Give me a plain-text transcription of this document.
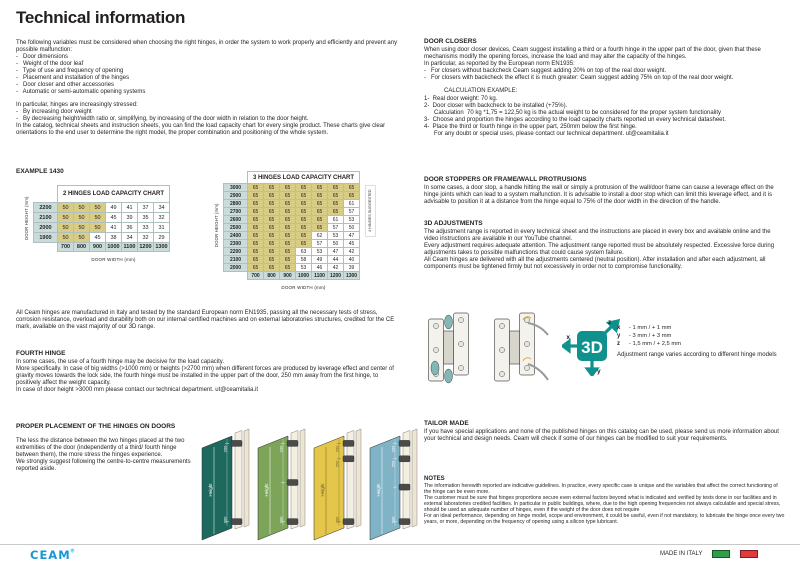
Technical information
The following variables must be considered when choosing the right hinges, in order the system to work properly and efficiently and prevent any possible malfunction:
-   Door dimensions
-   Weight of the door leaf
-   Type of use and frequency of opening
-   Placement and installation of the hinges
-   Door closer and other accessories
-   Automatic or semi-automatic opening systems
In particular, hinges are increasingly stressed:
-   By increasing door weight
-   By decreasing height/width ratio or, simplifying, by increasing of the door width in relation to the door height.
In the catalog, technical sheets and instruction sheets, you can find the load capacity chart for every single product. These charts give clear orientations to the end user to determine the right model, the proper combination and positioning of the whole system.
EXAMPLE 1430
DOOR HEIGHT (mm)
	2 HINGES LOAD CAPACITY CHART						
2200	50	50	50	49	41	37	34
2100	50	50	50	45	39	35	32
2000	50	50	50	41	36	33	31
1900	50	50	45	38	34	32	29
	700	800	900	1000	1100	1200	1300
DOOR WIDTH (mm)
DOOR HEIGHT (mm)
	3 HINGES LOAD CAPACITY CHART						
3000	65	65	65	65	65	65	65
2900	65	65	65	65	65	65	65
2800	65	65	65	65	65	65	61
2700	65	65	65	65	65	65	57
2600	65	65	65	65	65	61	53
2500	65	65	65	65	65	57	50
2400	65	65	65	65	62	53	47
2300	65	65	65	65	57	50	45
2200	65	65	65	63	53	47	42
2100	65	65	65	58	49	44	40
2000	65	65	65	53	46	42	39
	700	800	900	1000	1100	1200	1300
4 HINGES SUGGESTED
DOOR WIDTH (mm)
All Ceam hinges are manufactured in Italy and tested by the standard European norm EN1935, passing all the necessary tests of stress, corrosion resistance, overload and durability both on our internal certified machines and on external laboratories structures, credited for the CE mark, available on the vast majority of our 3D range.
FOURTH HINGE
In some cases, the use of a fourth hinge may be decisive for the load capacity.
More specifically. In case of big widths (>1000 mm) or heights (>2700 mm) when different forces are produced by leverage effect and center of gravity moves towards the lock side, the fourth hinge must be installed in the upper part of the door, 250 mm away from the first hinge, to positively affect the weight capacity.
In case of door height >3000 mm please contact our technical department. ut@ceamitalia.it
PROPER PLACEMENT OF THE HINGES ON DOORS
The less the distance between the two hinges placed at the two extremities of the door (independently of a third/ fourth hinge between them), the more stress the hinges experience.
We strongly suggest following the centre-to-centre measurements reported aside.
Height
200
200
Height
200
200
Height
200
250
200
Height
200
250
200
DOOR CLOSERS
When using door closer devices, Ceam suggest installing a third or a fourth hinge in the upper part of the door, given that these mechanisms modify the opening forces, increase the load and may alter the capacity of the hinges.
In particular, as reported by the European norm EN1935:
-   For closers without backcheck Ceam suggest adding 20% on top of the real door weight.
-   For closers with backcheck the effect it is much greater: Ceam suggest adding 75% on top of the real door weight.
CALCULATION EXAMPLE:
1-  Real door weight: 70 kg.
2-  Door closer with backcheck to be installed (+75%).
Calculation  70 kg *1,75 = 122,50 kg is the actual weight to be considered for the proper system functionality
3-  Choose and proportion the hinges according to the load capacity charts reported un every technical datasheet.
4-  Place the third or fourth hinge in the upper part, 250mm below the first hinge.
For any doubt or special uses, please contact our technical department. ut@ceamitalia.it
DOOR STOPPERS OR FRAME/WALL PROTRUSIONS
In some cases, a door stop, a handle hitting the wall or simply a protrusion of the wall/door frame can cause a leverage effect on the hinge joints which can lead to a system malfunction. It is advisable to install a door stop which can limit this leverage effect, and it is advisable to position it at a distance from the hinge equal to 75% of the door width in the direction of the handle.
3D ADJUSTMENTS
The adjustment range is reported in every technical sheet and the instructions are placed in every box and available online and the video instructions are available in our YouTube channel.
Every adjustment requires adequate attention. The adjustment range reported must be absolutely respected. Excessive force during adjustments takes to possible malfunctions that could cause system failure.
All Ceam hinges are delivered with all the adjustments centered (neutral position). After installation and after each adjustment, all components must be tightened firmly but not excessively in order not to compromise functionality.
3D
x
z
y
x	- 1 mm / + 1 mm
y	- 3 mm / + 3 mm
z	- 1,5 mm / + 2,5 mm
Adjustment range varies according to different hinge models
TAILOR MADE
If you have special applications and none of the published hinges on this catalog can be used, please send us more information about your technical and design needs. Ceam will check if some of our hinges can be modified to suit your requirements.
NOTES
The information herewith reported are indicative guidelines. In practice, every specific case is unique and the variables that affect the correct functioning of the hinge can be even more.
The customer must be sure that hinges proportions secure even external factors beyond what is indicated and verified by tests done in our facilities and in external laboratories credited facilities. In particular in public buildings, where, due to the high opening frequencies not always calculable and special stress, should be used an adequate number of hinges, even if the weight of the door does not require
For an ideal performance, depending on hinge model, scope and environment, it could be useful, even if not mandatory, to lubricate the hinge once every two years, or more, depending on the frequency of opening using a silicon type lubricant.
CEAM®	MADE IN ITALY
